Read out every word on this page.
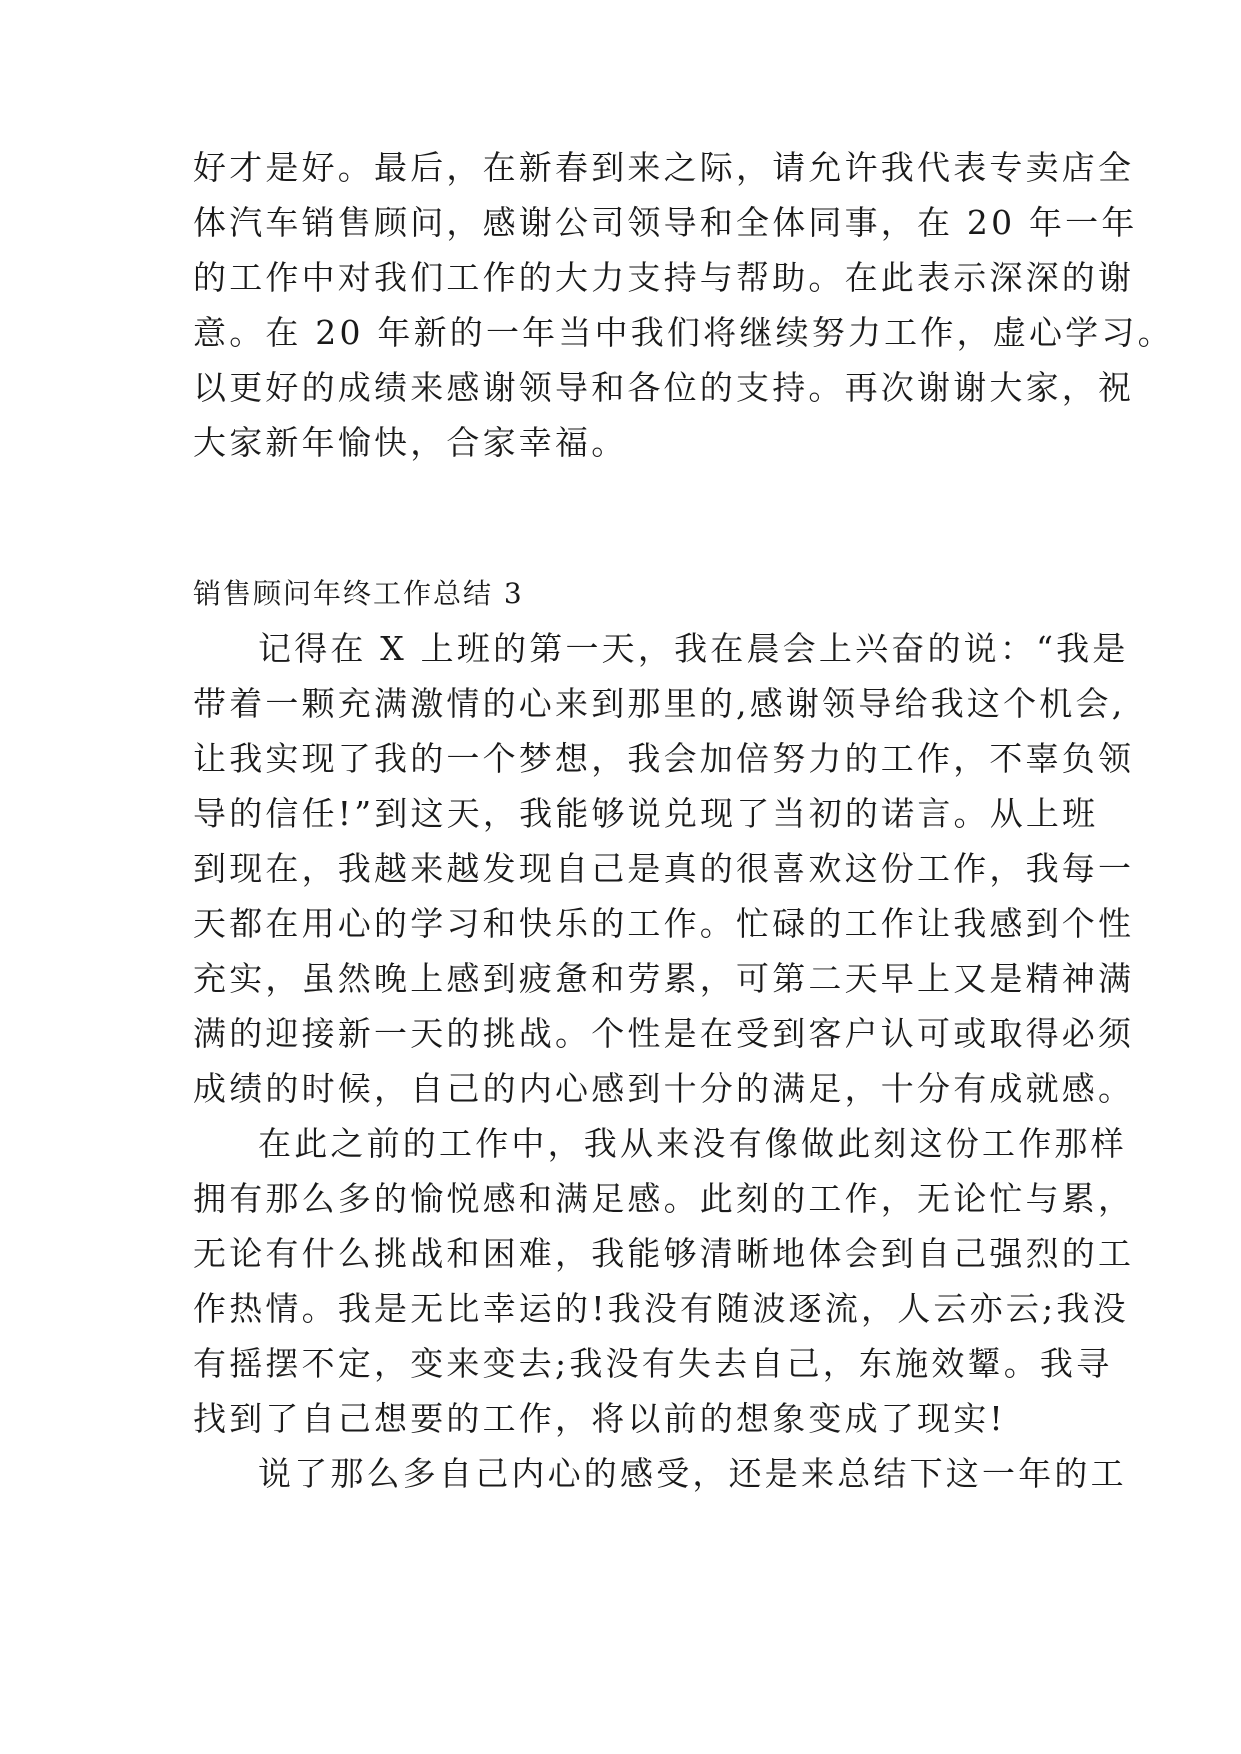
好才是好。最后，在新春到来之际，请允许我代表专卖店全
体汽车销售顾问，感谢公司领导和全体同事，在 20 年一年
的工作中对我们工作的大力支持与帮助。在此表示深深的谢
意。在 20 年新的一年当中我们将继续努力工作，虚心学习。
以更好的成绩来感谢领导和各位的支持。再次谢谢大家，祝
大家新年愉快，合家幸福。
销售顾问年终工作总结 3
记得在 X 上班的第一天，我在晨会上兴奋的说：“我是
带着一颗充满激情的心来到那里的,感谢领导给我这个机会,
让我实现了我的一个梦想，我会加倍努力的工作，不辜负领
导的信任!”到这天，我能够说兑现了当初的诺言。从上班
到现在，我越来越发现自己是真的很喜欢这份工作，我每一
天都在用心的学习和快乐的工作。忙碌的工作让我感到个性
充实，虽然晚上感到疲惫和劳累，可第二天早上又是精神满
满的迎接新一天的挑战。个性是在受到客户认可或取得必须
成绩的时候，自己的内心感到十分的满足，十分有成就感。
在此之前的工作中，我从来没有像做此刻这份工作那样
拥有那么多的愉悦感和满足感。此刻的工作，无论忙与累，
无论有什么挑战和困难，我能够清晰地体会到自己强烈的工
作热情。我是无比幸运的!我没有随波逐流，人云亦云;我没
有摇摆不定，变来变去;我没有失去自己，东施效颦。我寻
找到了自己想要的工作，将以前的想象变成了现实!
说了那么多自己内心的感受，还是来总结下这一年的工
